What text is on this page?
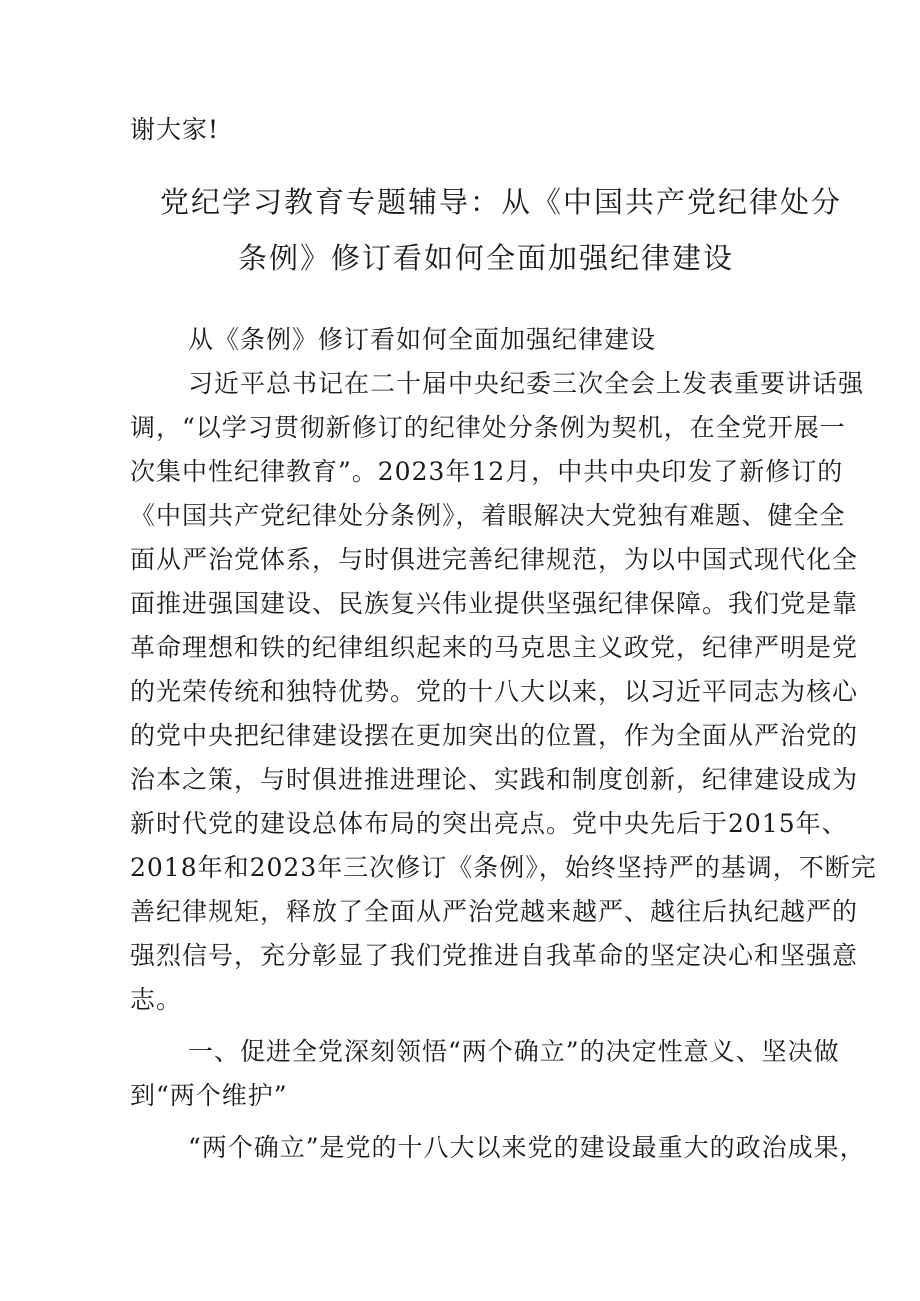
谢大家!
党纪学习教育专题辅导：从《中国共产党纪律处分
条例》修订看如何全面加强纪律建设
从《条例》修订看如何全面加强纪律建设
习近平总书记在二十届中央纪委三次全会上发表重要讲话强
调，“以学习贯彻新修订的纪律处分条例为契机，在全党开展一
次集中性纪律教育”。2023年12月，中共中央印发了新修订的
《中国共产党纪律处分条例》，着眼解决大党独有难题、健全全
面从严治党体系，与时俱进完善纪律规范，为以中国式现代化全
面推进强国建设、民族复兴伟业提供坚强纪律保障。我们党是靠
革命理想和铁的纪律组织起来的马克思主义政党，纪律严明是党
的光荣传统和独特优势。党的十八大以来，以习近平同志为核心
的党中央把纪律建设摆在更加突出的位置，作为全面从严治党的
治本之策，与时俱进推进理论、实践和制度创新，纪律建设成为
新时代党的建设总体布局的突出亮点。党中央先后于2015年、
2018年和2023年三次修订《条例》，始终坚持严的基调，不断完
善纪律规矩，释放了全面从严治党越来越严、越往后执纪越严的
强烈信号，充分彰显了我们党推进自我革命的坚定决心和坚强意
志。
一、促进全党深刻领悟“两个确立”的决定性意义、坚决做
到“两个维护”
“两个确立”是党的十八大以来党的建设最重大的政治成果，
